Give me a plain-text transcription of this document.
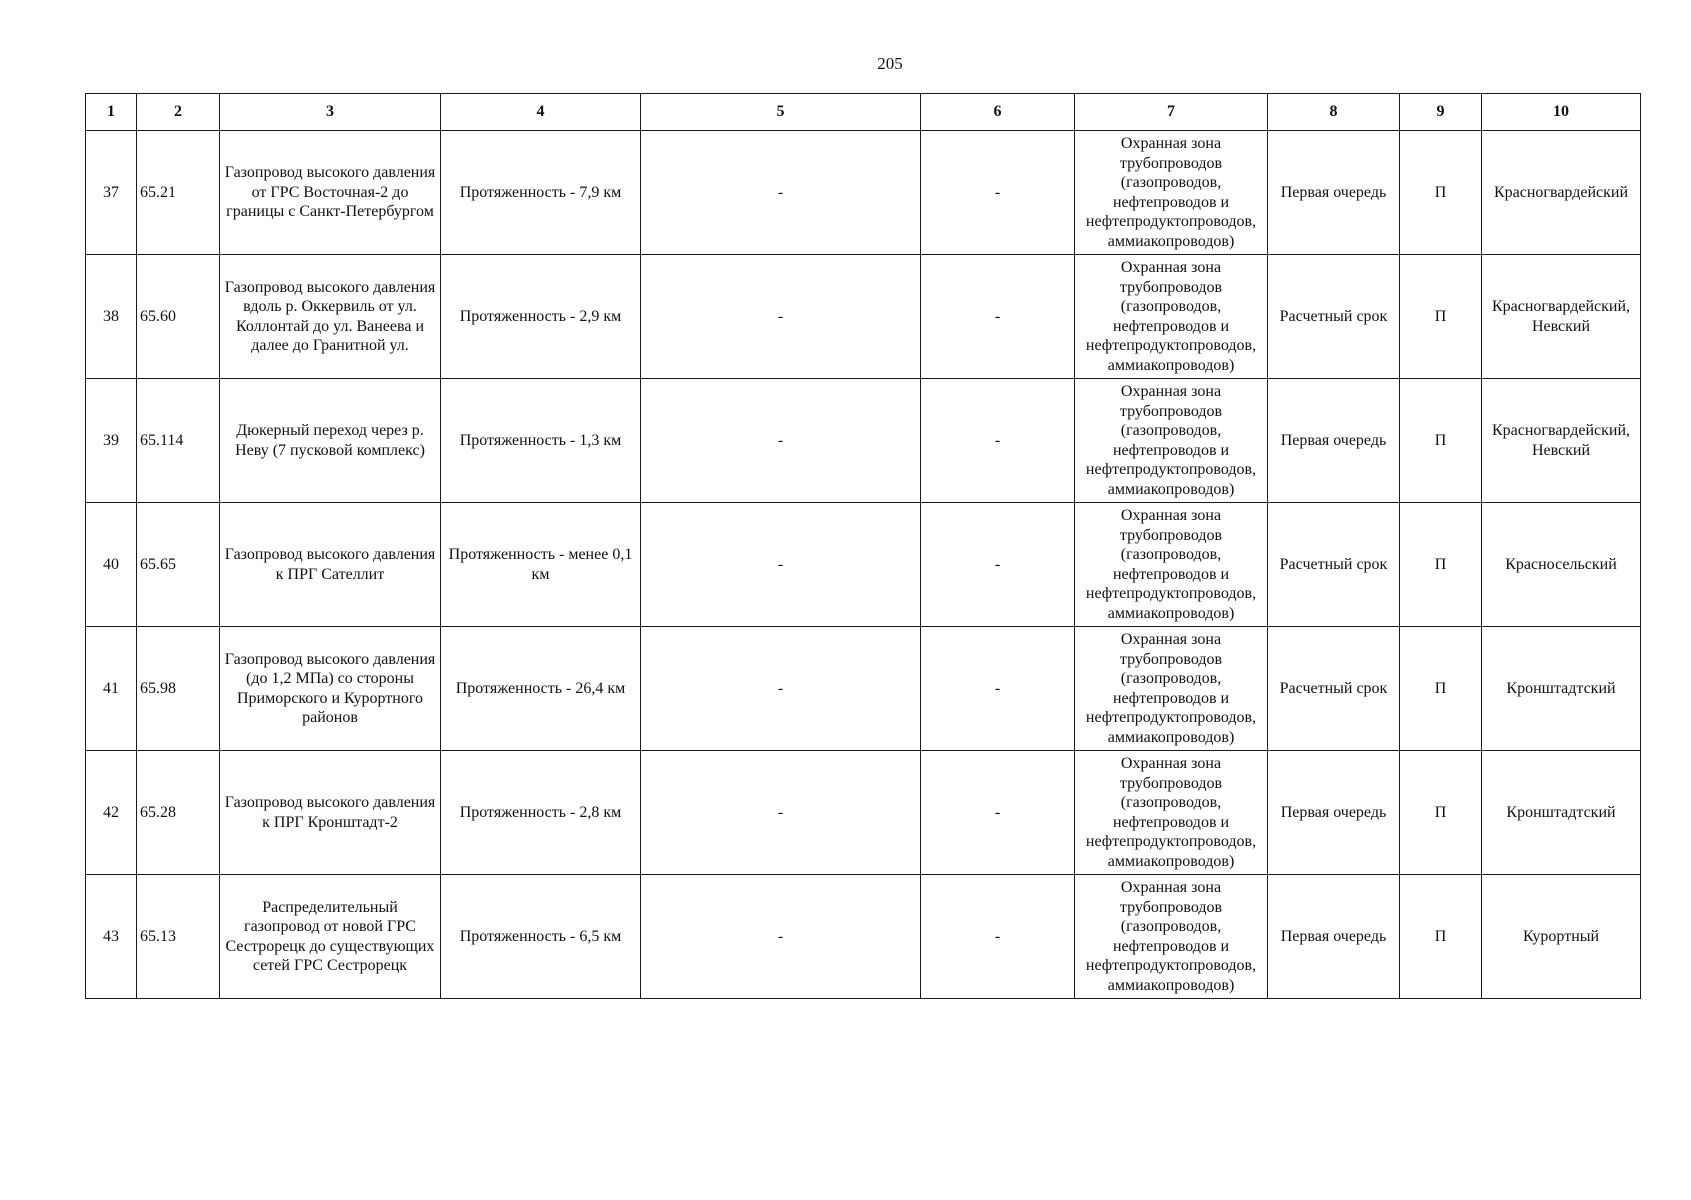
205
1	2	3	4	5	6	7	8	9	10
37	65.21	Газопровод высокого давления от ГРС Восточная-2 до границы с Санкт-Петербургом	Протяженность - 7,9 км	-	-	Охранная зона трубопроводов (газопроводов, нефтепроводов и нефтепродуктопроводов, аммиакопроводов)	Первая очередь	П	Красногвардейский
38	65.60	Газопровод высокого давления вдоль р. Оккервиль от ул. Коллонтай до ул. Ванеева и далее до Гранитной ул.	Протяженность - 2,9 км	-	-	Охранная зона трубопроводов (газопроводов, нефтепроводов и нефтепродуктопроводов, аммиакопроводов)	Расчетный срок	П	Красногвардейский, Невский
39	65.114	Дюкерный переход через р. Неву (7 пусковой комплекс)	Протяженность - 1,3 км	-	-	Охранная зона трубопроводов (газопроводов, нефтепроводов и нефтепродуктопроводов, аммиакопроводов)	Первая очередь	П	Красногвардейский, Невский
40	65.65	Газопровод высокого давления к ПРГ Сателлит	Протяженность - менее 0,1 км	-	-	Охранная зона трубопроводов (газопроводов, нефтепроводов и нефтепродуктопроводов, аммиакопроводов)	Расчетный срок	П	Красносельский
41	65.98	Газопровод высокого давления (до 1,2 МПа) со стороны Приморского и Курортного районов	Протяженность - 26,4 км	-	-	Охранная зона трубопроводов (газопроводов, нефтепроводов и нефтепродуктопроводов, аммиакопроводов)	Расчетный срок	П	Кронштадтский
42	65.28	Газопровод высокого давления к ПРГ Кронштадт-2	Протяженность - 2,8 км	-	-	Охранная зона трубопроводов (газопроводов, нефтепроводов и нефтепродуктопроводов, аммиакопроводов)	Первая очередь	П	Кронштадтский
43	65.13	Распределительный газопровод от новой ГРС Сестрорецк до существующих сетей ГРС Сестрорецк	Протяженность - 6,5 км	-	-	Охранная зона трубопроводов (газопроводов, нефтепроводов и нефтепродуктопроводов, аммиакопроводов)	Первая очередь	П	Курортный
